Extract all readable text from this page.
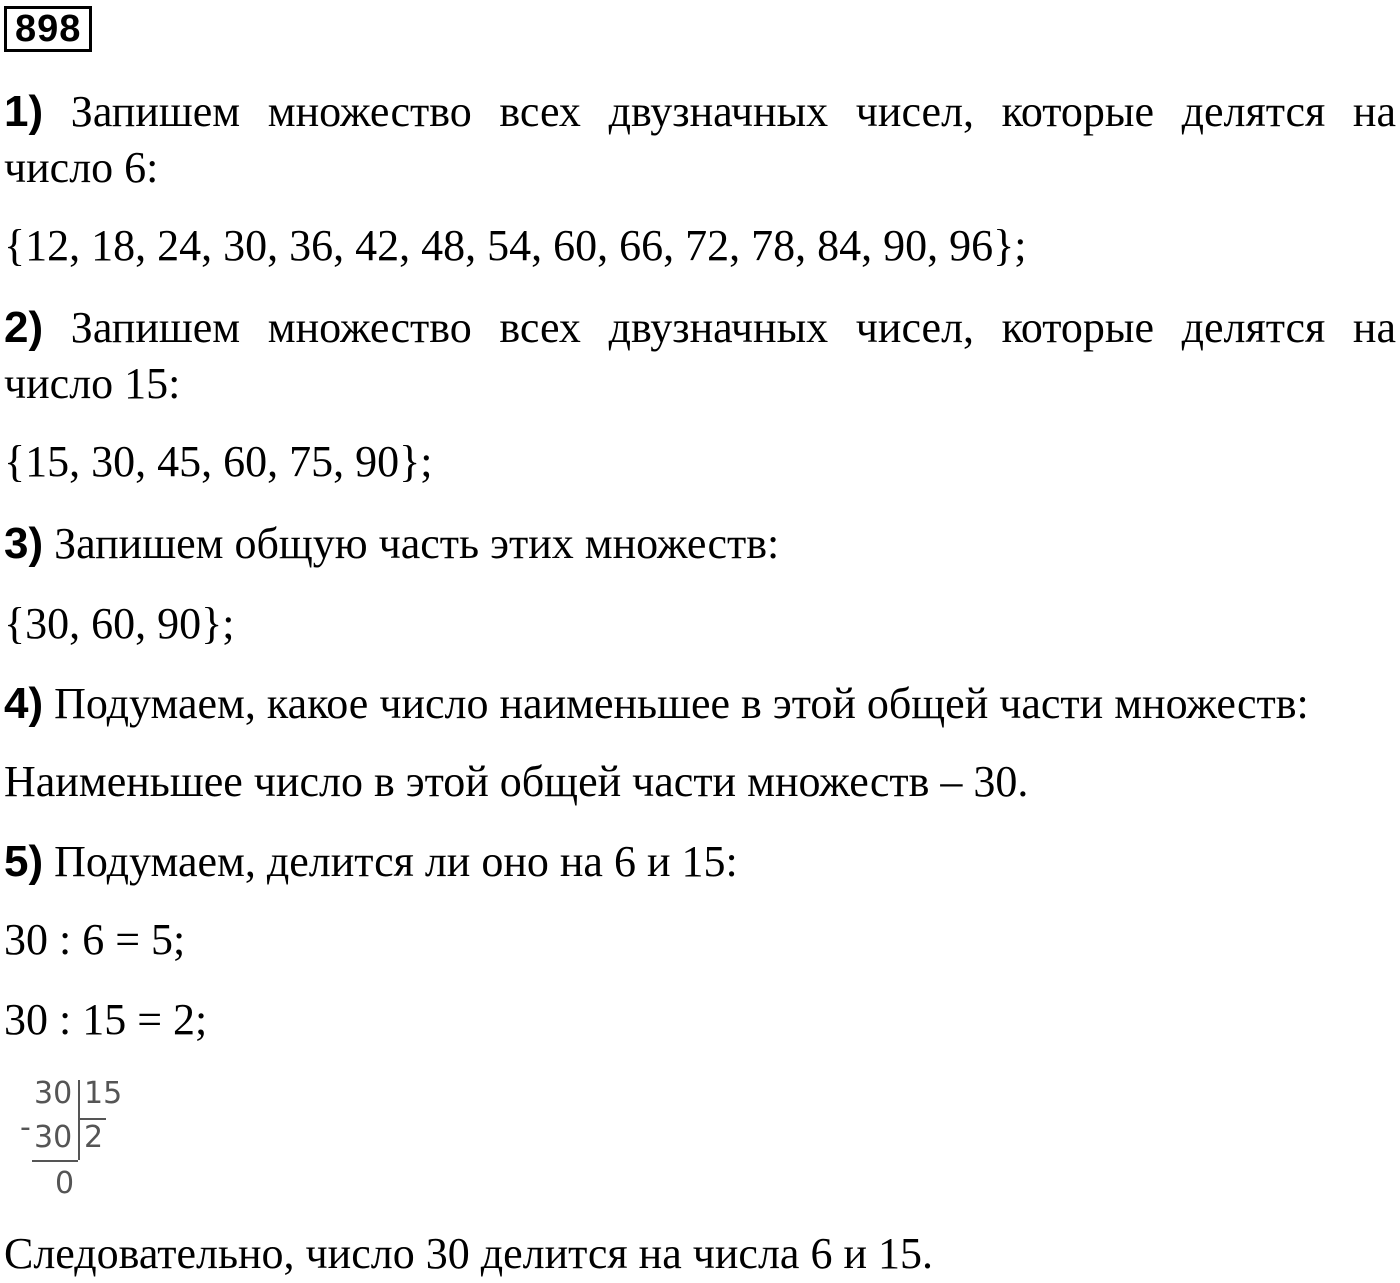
898
1) Запишем множество всех двузначных чисел, которые делятся на
число 6:
{12, 18, 24, 30, 36, 42, 48, 54, 60, 66, 72, 78, 84, 90, 96};
2) Запишем множество всех двузначных чисел, которые делятся на
число 15:
{15, 30, 45, 60, 75, 90};
3) Запишем общую часть этих множеств:
{30, 60, 90};
4) Подумаем, какое число наименьшее в этой общей части множеств:
Наименьшее число в этой общей части множеств – 30.
5) Подумаем, делится ли оно на 6 и 15:
30 : 6 = 5;
30 : 15 = 2;
-
30 15
30 2
0
Следовательно, число 30 делится на числа 6 и 15.
